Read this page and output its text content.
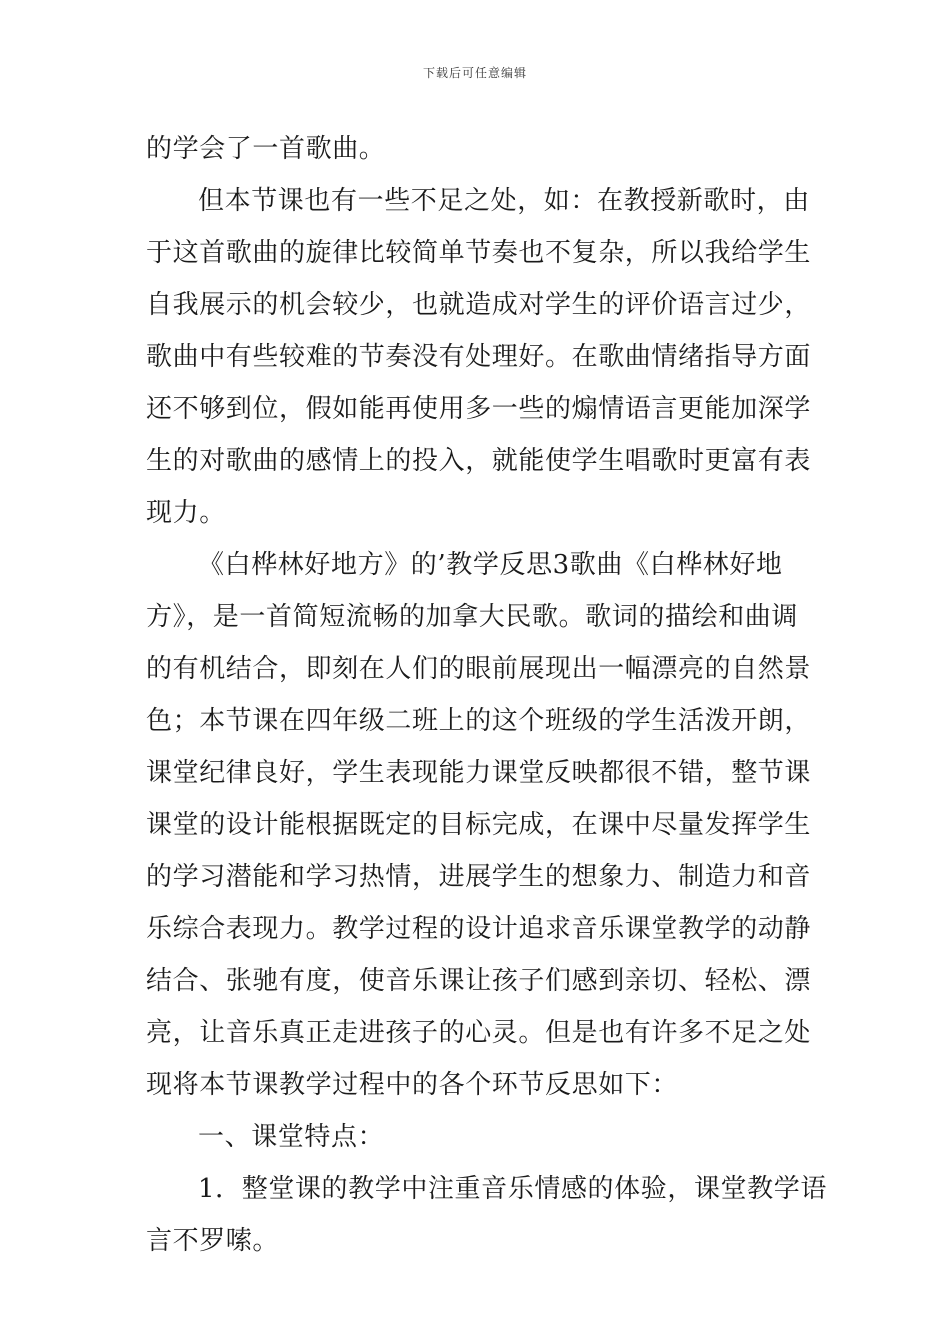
下载后可任意编辑
的学会了一首歌曲。
但本节课也有一些不足之处，如：在教授新歌时，由
于这首歌曲的旋律比较简单节奏也不复杂，所以我给学生
自我展示的机会较少，也就造成对学生的评价语言过少，
歌曲中有些较难的节奏没有处理好。在歌曲情绪指导方面
还不够到位，假如能再使用多一些的煽情语言更能加深学
生的对歌曲的感情上的投入，就能使学生唱歌时更富有表
现力。
《白桦林好地方》的’教学反思3歌曲《白桦林好地
方》，是一首简短流畅的加拿大民歌。歌词的描绘和曲调
的有机结合，即刻在人们的眼前展现出一幅漂亮的自然景
色；本节课在四年级二班上的这个班级的学生活泼开朗，
课堂纪律良好，学生表现能力课堂反映都很不错，整节课
课堂的设计能根据既定的目标完成，在课中尽量发挥学生
的学习潜能和学习热情，进展学生的想象力、制造力和音
乐综合表现力。教学过程的设计追求音乐课堂教学的动静
结合、张驰有度，使音乐课让孩子们感到亲切、轻松、漂
亮，让音乐真正走进孩子的心灵。但是也有许多不足之处
现将本节课教学过程中的各个环节反思如下：
一、课堂特点：
1．整堂课的教学中注重音乐情感的体验，课堂教学语
言不罗嗦。
